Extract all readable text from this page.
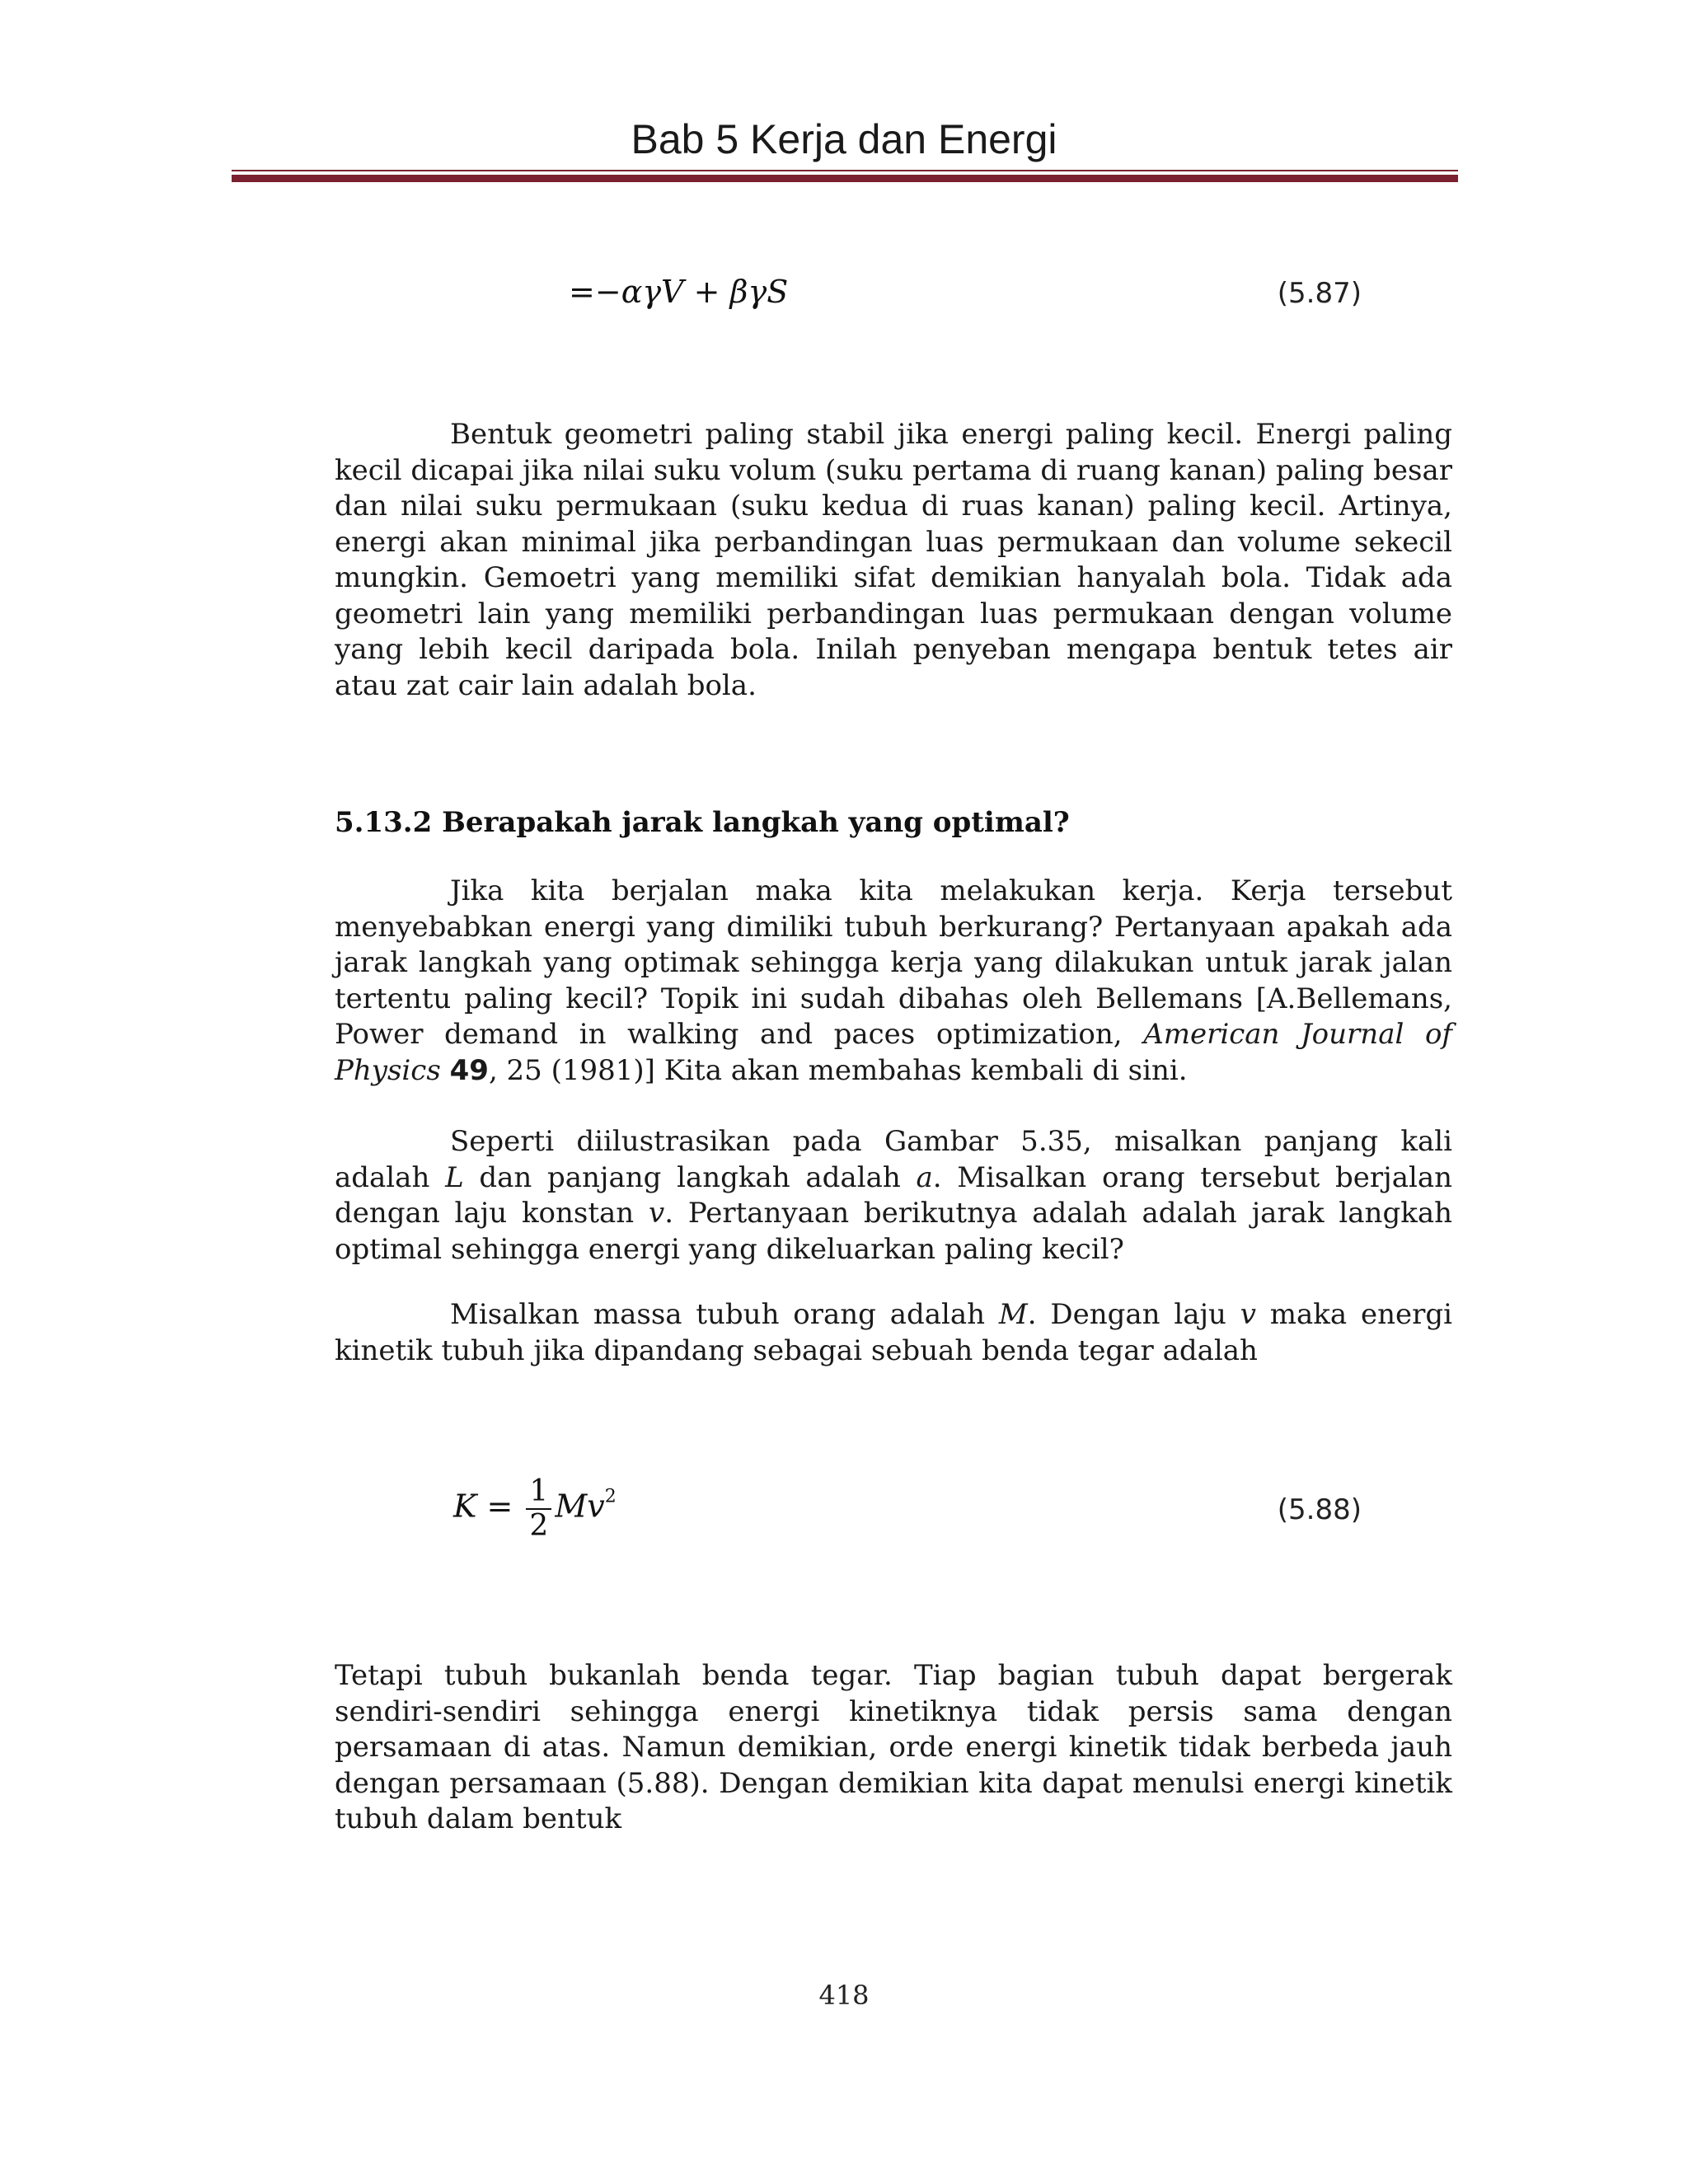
Bab 5 Kerja dan Energi
=−αγV + βγS	(5.87)

Bentuk geometri paling stabil jika energi paling kecil. Energi paling kecil dicapai jika nilai suku volum (suku pertama di ruang kanan) paling besar dan nilai suku permukaan (suku kedua di ruas kanan) paling kecil. Artinya, energi akan minimal jika perbandingan luas permukaan dan volume sekecil mungkin. Gemoetri yang memiliki sifat demikian hanyalah bola. Tidak ada geometri lain yang memiliki perbandingan luas permukaan dengan volume yang lebih kecil daripada bola. Inilah penyeban mengapa bentuk tetes air atau zat cair lain adalah bola.

5.13.2 Berapakah jarak langkah yang optimal?

Jika kita berjalan maka kita melakukan kerja. Kerja tersebut menyebabkan energi yang dimiliki tubuh berkurang? Pertanyaan apakah ada jarak langkah yang optimak sehingga kerja yang dilakukan untuk jarak jalan tertentu paling kecil? Topik ini sudah dibahas oleh Bellemans [A.Bellemans, Power demand in walking and paces optimization, American Journal of Physics 49, 25 (1981)] Kita akan membahas kembali di sini.

Seperti diilustrasikan pada Gambar 5.35, misalkan panjang kali adalah L dan panjang langkah adalah a. Misalkan orang tersebut berjalan dengan laju konstan v. Pertanyaan berikutnya adalah adalah jarak langkah optimal sehingga energi yang dikeluarkan paling kecil?

Misalkan massa tubuh orang adalah M. Dengan laju v maka energi kinetik tubuh jika dipandang sebagai sebuah benda tegar adalah

$K = \frac{1}{2} Mv^2$	(5.88)

Tetapi tubuh bukanlah benda tegar. Tiap bagian tubuh dapat bergerak sendiri-sendiri sehingga energi kinetiknya tidak persis sama dengan persamaan di atas. Namun demikian, orde energi kinetik tidak berbeda jauh dengan persamaan (5.88). Dengan demikian kita dapat menulsi energi kinetik tubuh dalam bentuk

418
